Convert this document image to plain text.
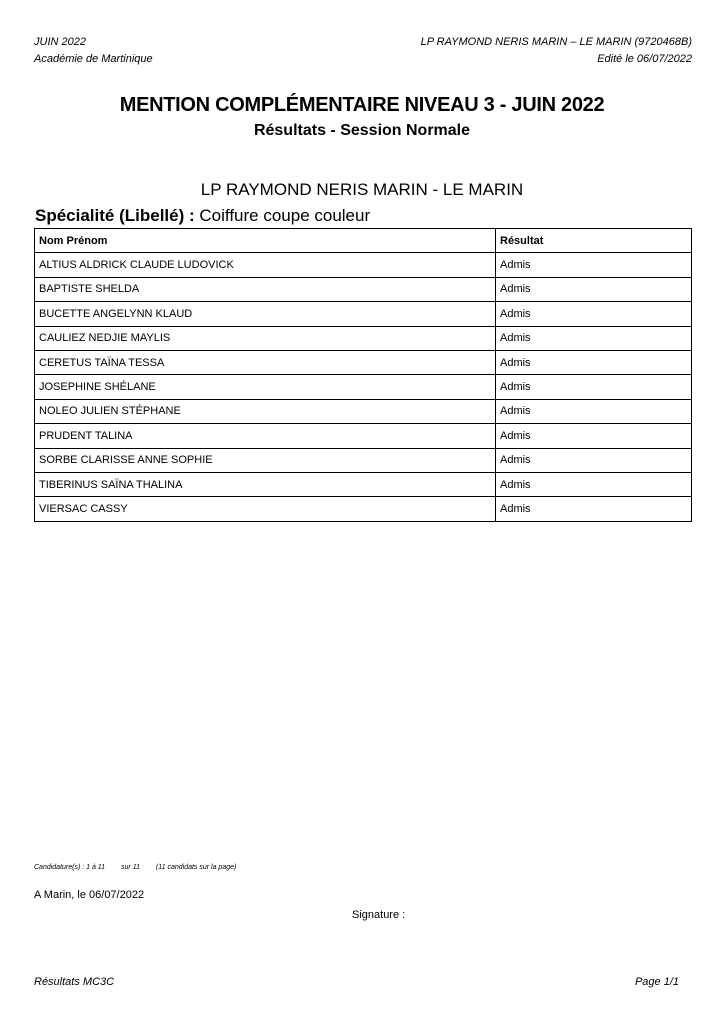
JUIN 2022
Académie de Martinique
LP RAYMOND NERIS MARIN – LE MARIN (9720468B)
Edité le 06/07/2022
MENTION COMPLÉMENTAIRE NIVEAU 3 - JUIN 2022
Résultats - Session Normale
LP RAYMOND NERIS MARIN - LE MARIN
Spécialité (Libellé) : Coiffure coupe couleur
Nom Prénom	Résultat
ALTIUS ALDRICK CLAUDE LUDOVICK	Admis
BAPTISTE SHELDA	Admis
BUCETTE ANGELYNN KLAUD	Admis
CAULIEZ NEDJIE MAYLIS	Admis
CERETUS TAÏNA TESSA	Admis
JOSEPHINE SHÉLANE	Admis
NOLEO JULIEN STÉPHANE	Admis
PRUDENT TALINA	Admis
SORBE CLARISSE ANNE SOPHIE	Admis
TIBERINUS SAÏNA THALINA	Admis
VIERSAC CASSY	Admis
Candidature(s) : 1 à 11 sur 11 (11 candidats sur la page)
A Marin, le 06/07/2022
Signature :
Résultats MC3C	Page 1/1
